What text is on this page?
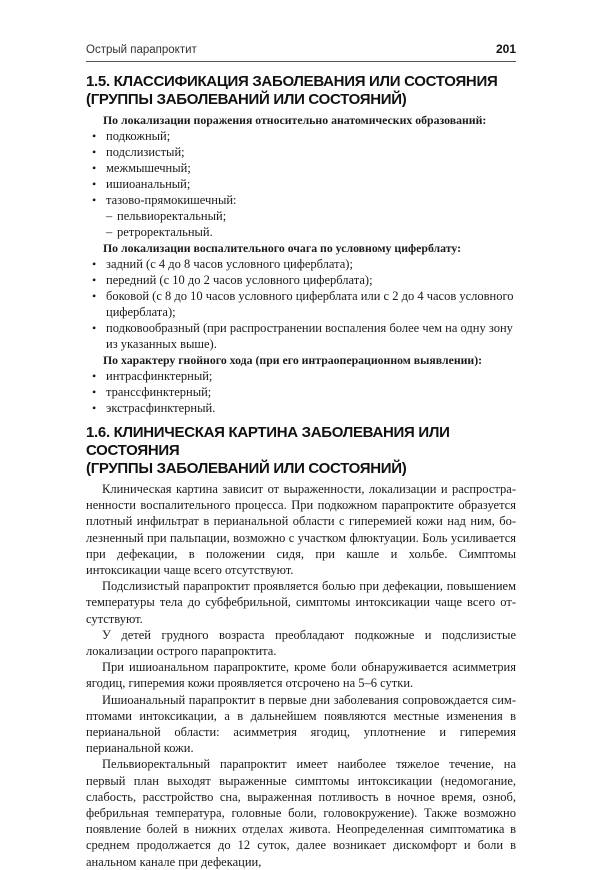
Острый парапроктит	201
1.5. КЛАССИФИКАЦИЯ ЗАБОЛЕВАНИЯ ИЛИ СОСТОЯНИЯ
(ГРУППЫ ЗАБОЛЕВАНИЙ ИЛИ СОСТОЯНИЙ)

По локализации поражения относительно анатомических образований:

• подкожный;
• подслизистый;
• межмышечный;
• ишиоанальный;
• тазово-прямокишечный:
– пельвиоректальный;
– ретроректальный.

По локализации воспалительного очага по условному циферблату:

• задний (с 4 до 8 часов условного циферблата);
• передний (с 10 до 2 часов условного циферблата);
• боковой (с 8 до 10 часов условного циферблата или с 2 до 4 часов условного циферблата);
• подковообразный (при распространении воспаления более чем на одну зону из указанных выше).

По характеру гнойного хода (при его интраоперационном выявлении):

• интрасфинктерный;
• транссфинктерный;
• экстрасфинктерный.
1.6. КЛИНИЧЕСКАЯ КАРТИНА ЗАБОЛЕВАНИЯ ИЛИ СОСТОЯНИЯ
(ГРУППЫ ЗАБОЛЕВАНИЙ ИЛИ СОСТОЯНИЙ)

Клиническая картина зависит от выраженности, локализации и распространенности воспалительного процесса. При подкожном парапроктите образуется плотный инфильтрат в перианальной области с гиперемией кожи над ним, болезненный при пальпации, возможно с участком флюктуации. Боль усиливается при дефекации, в положении сидя, при кашле и хольбе. Симптомы интоксикации чаще всего отсутствуют.

Подслизистый парапроктит проявляется болью при дефекации, повышением температуры тела до субфебрильной, симптомы интоксикации чаще всего отсутствуют.

У детей грудного возраста преобладают подкожные и подслизистые локализации острого парапроктита.

При ишиоанальном парапроктите, кроме боли обнаруживается асимметрия ягодиц, гиперемия кожи проявляется отсрочено на 5–6 сутки.

Ишиоанальный парапроктит в первые дни заболевания сопровождается симптомами интоксикации, а в дальнейшем появляются местные изменения в перианальной области: асимметрия ягодиц, уплотнение и гиперемия перианальной кожи.

Пельвиоректальный парапроктит имеет наиболее тяжелое течение, на первый план выходят выраженные симптомы интоксикации (недомогание, слабость, расстройство сна, выраженная потливость в ночное время, озноб, фебрильная температура, головные боли, головокружение). Также возможно появление болей в нижних отделах живота. Неопределенная симптоматика в среднем продолжается до 12 суток, далее возникает дискомфорт и боли в анальном канале при дефекации,
